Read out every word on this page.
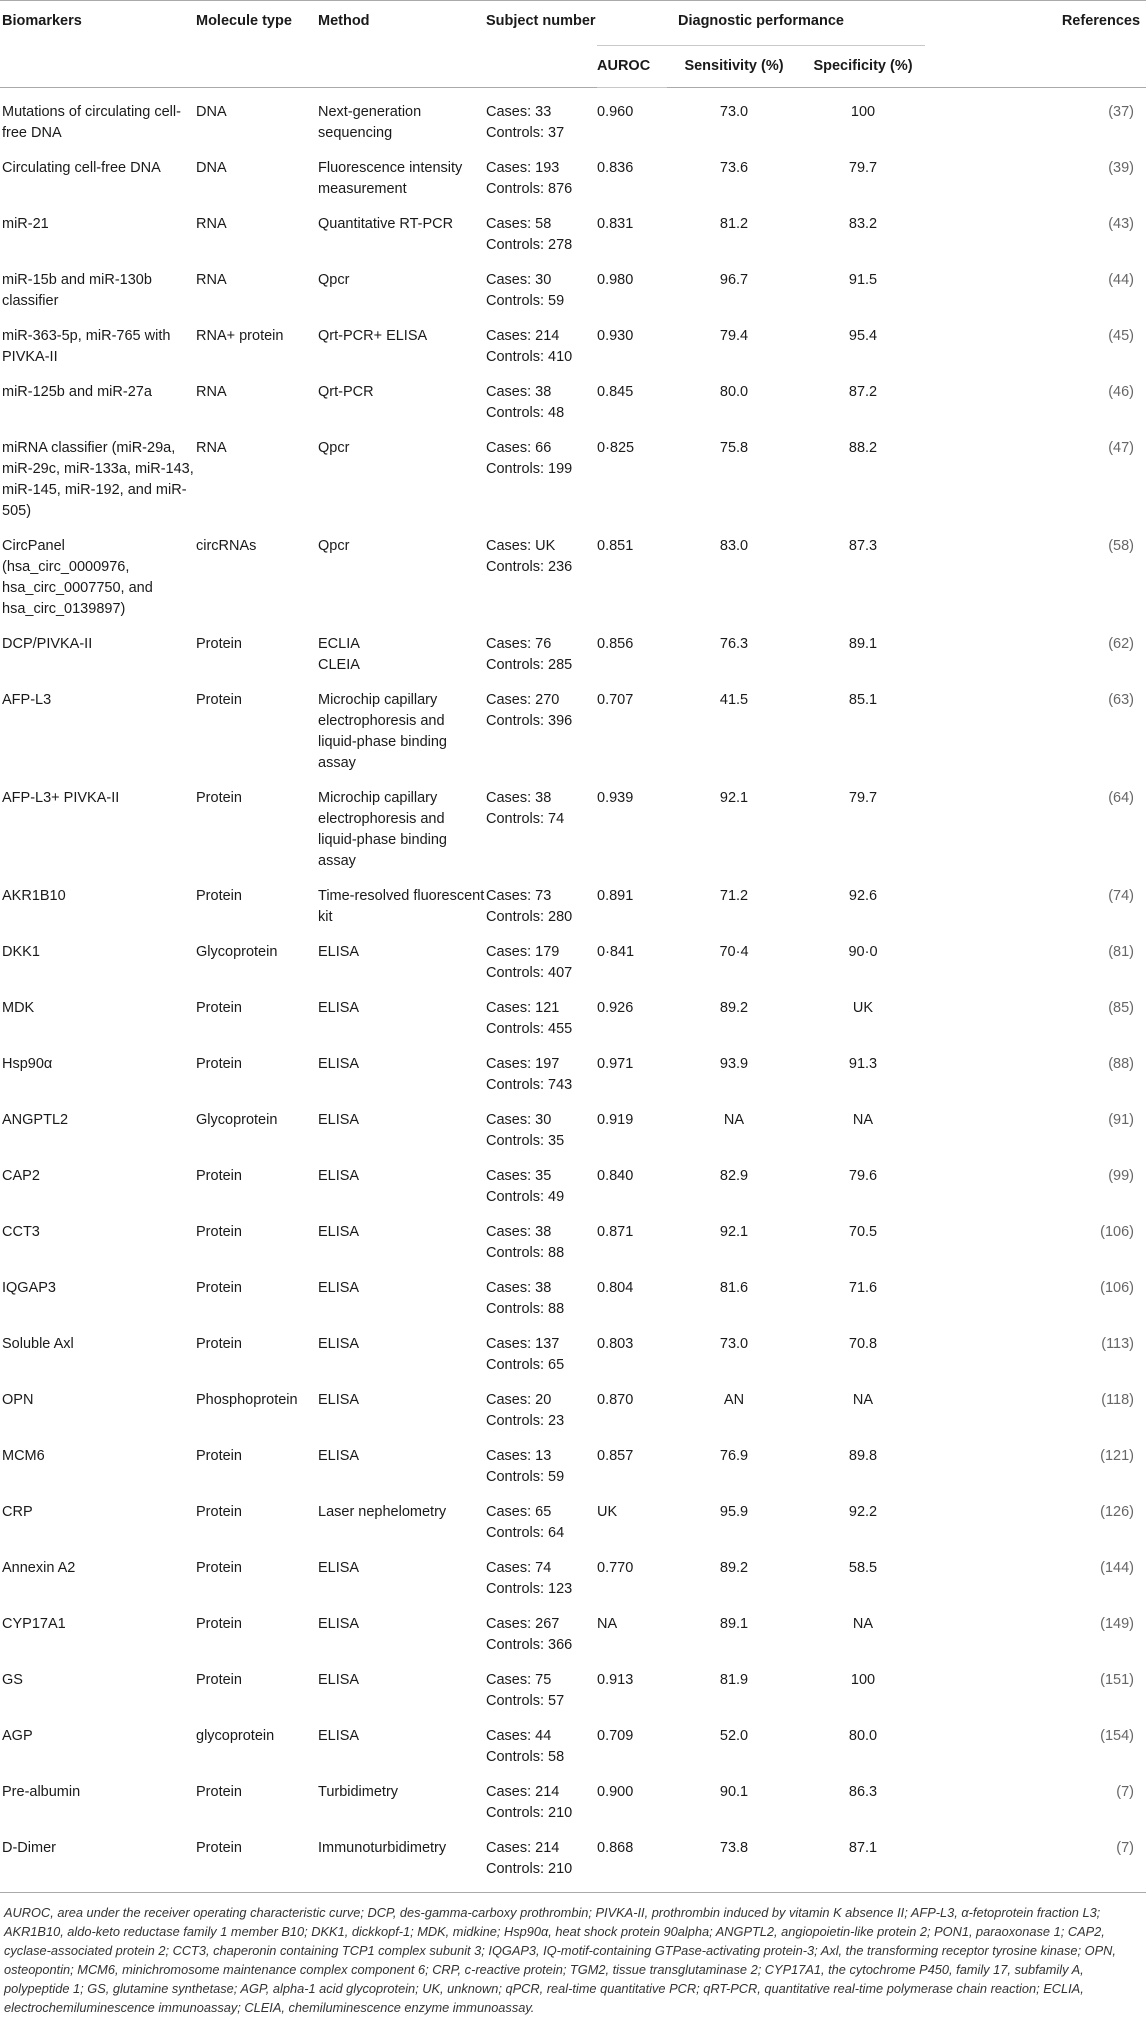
Biomarkers	Molecule type	Method	Subject number	Diagnostic performance			References
				AUROC	Sensitivity (%)	Specificity (%)	
Mutations of circulating cell-free DNA	DNA	Next-generation sequencing	Cases: 33
Controls: 37	0.960	73.0	100	(37)
Circulating cell-free DNA	DNA	Fluorescence intensity measurement	Cases: 193
Controls: 876	0.836	73.6	79.7	(39)
miR-21	RNA	Quantitative RT-PCR	Cases: 58
Controls: 278	0.831	81.2	83.2	(43)
miR-15b and miR-130b classifier	RNA	Qpcr	Cases: 30
Controls: 59	0.980	96.7	91.5	(44)
miR-363-5p, miR-765 with PIVKA-II	RNA+ protein	Qrt-PCR+ ELISA	Cases: 214
Controls: 410	0.930	79.4	95.4	(45)
miR-125b and miR-27a	RNA	Qrt-PCR	Cases: 38
Controls: 48	0.845	80.0	87.2	(46)
miRNA classifier (miR-29a, miR-29c, miR-133a, miR-143, miR-145, miR-192, and miR-505)	RNA	Qpcr	Cases: 66
Controls: 199	0·825	75.8	88.2	(47)
CircPanel (hsa_circ_0000976, hsa_circ_0007750, and hsa_circ_0139897)	circRNAs	Qpcr	Cases: UK
Controls: 236	0.851	83.0	87.3	(58)
DCP/PIVKA-II	Protein	ECLIA CLEIA	Cases: 76
Controls: 285	0.856	76.3	89.1	(62)
AFP-L3	Protein	Microchip capillary electrophoresis and liquid-phase binding assay	Cases: 270
Controls: 396	0.707	41.5	85.1	(63)
AFP-L3+ PIVKA-II	Protein	Microchip capillary electrophoresis and liquid-phase binding assay	Cases: 38
Controls: 74	0.939	92.1	79.7	(64)
AKR1B10	Protein	Time-resolved fluorescent kit	Cases: 73
Controls: 280	0.891	71.2	92.6	(74)
DKK1	Glycoprotein	ELISA	Cases: 179
Controls: 407	0·841	70·4	90·0	(81)
MDK	Protein	ELISA	Cases: 121
Controls: 455	0.926	89.2	UK	(85)
Hsp90α	Protein	ELISA	Cases: 197
Controls: 743	0.971	93.9	91.3	(88)
ANGPTL2	Glycoprotein	ELISA	Cases: 30
Controls: 35	0.919	NA	NA	(91)
CAP2	Protein	ELISA	Cases: 35
Controls: 49	0.840	82.9	79.6	(99)
CCT3	Protein	ELISA	Cases: 38
Controls: 88	0.871	92.1	70.5	(106)
IQGAP3	Protein	ELISA	Cases: 38
Controls: 88	0.804	81.6	71.6	(106)
Soluble Axl	Protein	ELISA	Cases: 137
Controls: 65	0.803	73.0	70.8	(113)
OPN	Phosphoprotein	ELISA	Cases: 20
Controls: 23	0.870	AN	NA	(118)
MCM6	Protein	ELISA	Cases: 13
Controls: 59	0.857	76.9	89.8	(121)
CRP	Protein	Laser nephelometry	Cases: 65
Controls: 64	UK	95.9	92.2	(126)
Annexin A2	Protein	ELISA	Cases: 74
Controls: 123	0.770	89.2	58.5	(144)
CYP17A1	Protein	ELISA	Cases: 267
Controls: 366	NA	89.1	NA	(149)
GS	Protein	ELISA	Cases: 75
Controls: 57	0.913	81.9	100	(151)
AGP	glycoprotein	ELISA	Cases: 44
Controls: 58	0.709	52.0	80.0	(154)
Pre-albumin	Protein	Turbidimetry	Cases: 214
Controls: 210	0.900	90.1	86.3	(7)
D-Dimer	Protein	Immunoturbidimetry	Cases: 214
Controls: 210	0.868	73.8	87.1	(7)
AUROC, area under the receiver operating characteristic curve; DCP, des-gamma-carboxy prothrombin; PIVKA-II, prothrombin induced by vitamin K absence II; AFP-L3, α-fetoprotein fraction L3; AKR1B10, aldo-keto reductase family 1 member B10; DKK1, dickkopf-1; MDK, midkine; Hsp90α, heat shock protein 90alpha; ANGPTL2, angiopoietin-like protein 2; PON1, paraoxonase 1; CAP2, cyclase-associated protein 2; CCT3, chaperonin containing TCP1 complex subunit 3; IQGAP3, IQ-motif-containing GTPase-activating protein-3; Axl, the transforming receptor tyrosine kinase; OPN, osteopontin; MCM6, minichromosome maintenance complex component 6; CRP, c-reactive protein; TGM2, tissue transglutaminase 2; CYP17A1, the cytochrome P450, family 17, subfamily A, polypeptide 1; GS, glutamine synthetase; AGP, alpha-1 acid glycoprotein; UK, unknown; qPCR, real-time quantitative PCR; qRT-PCR, quantitative real-time polymerase chain reaction; ECLIA, electrochemiluminescence immunoassay; CLEIA, chemiluminescence enzyme immunoassay.
